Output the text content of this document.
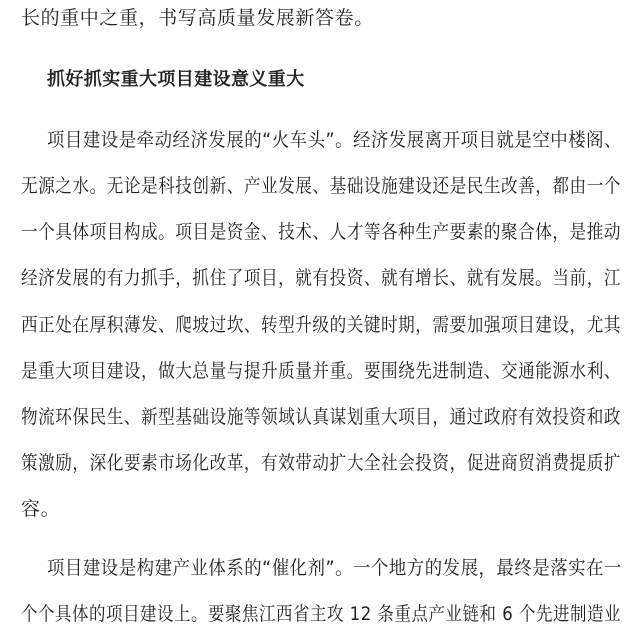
长的重中之重，书写高质量发展新答卷。
抓好抓实重大项目建设意义重大
项目建设是牵动经济发展的“火车头”。经济发展离开项目就是空中楼阁、
无源之水。无论是科技创新、产业发展、基础设施建设还是民生改善，都由一个
一个具体项目构成。项目是资金、技术、人才等各种生产要素的聚合体，是推动
经济发展的有力抓手，抓住了项目，就有投资、就有增长、就有发展。当前，江
西正处在厚积薄发、爬坡过坎、转型升级的关键时期，需要加强项目建设，尤其
是重大项目建设，做大总量与提升质量并重。要围绕先进制造、交通能源水利、
物流环保民生、新型基础设施等领域认真谋划重大项目，通过政府有效投资和政
策激励，深化要素市场化改革，有效带动扩大全社会投资，促进商贸消费提质扩
容。
项目建设是构建产业体系的“催化剂”。一个地方的发展，最终是落实在一
个个具体的项目建设上。要聚焦江西省主攻 12 条重点产业链和 6 个先进制造业
